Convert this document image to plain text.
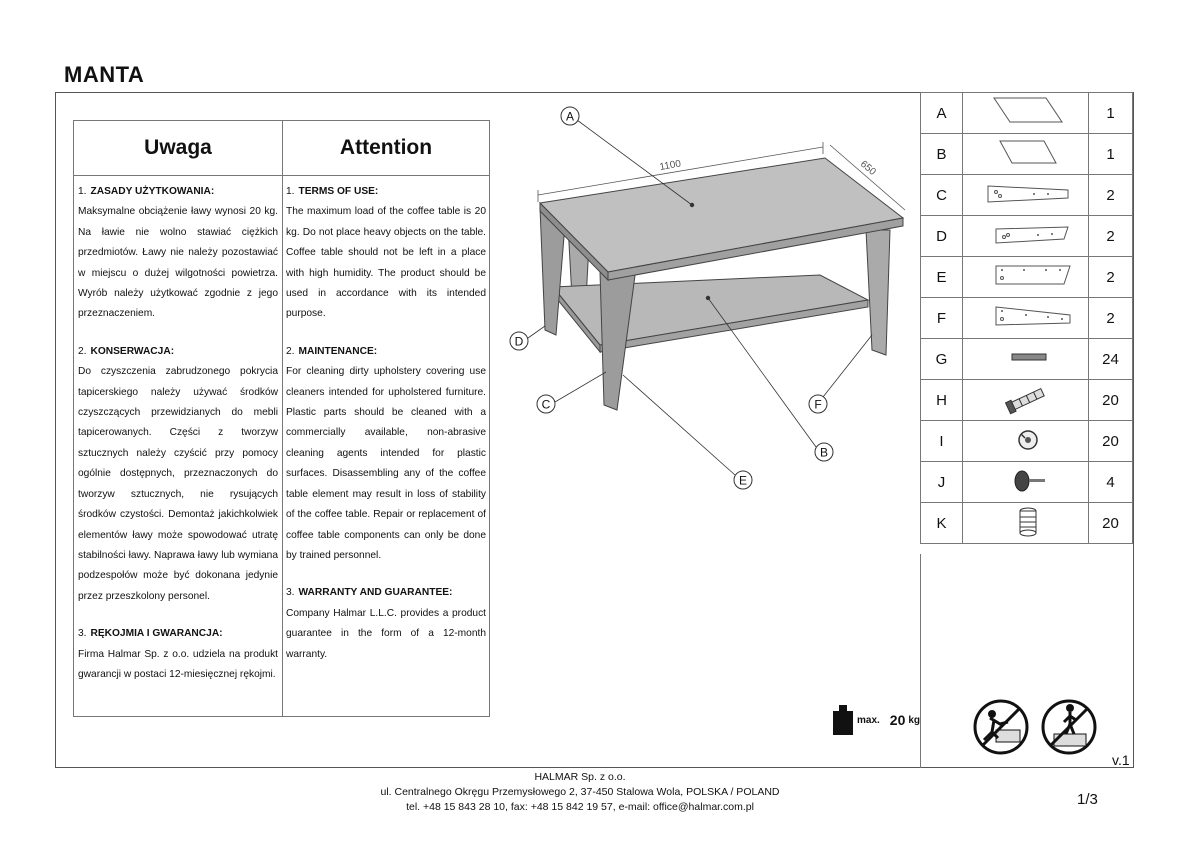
MANTA
Uwaga
1. ZASADY UŻYTKOWANIA:
Maksymalne obciążenie ławy wynosi 20 kg. Na ławie nie wolno stawiać ciężkich przedmiotów. Ławy nie należy pozostawiać w miejscu o dużej wilgotności powietrza. Wyrób należy użytkować zgodnie z jego przeznaczeniem.
2. KONSERWACJA:
Do czyszczenia zabrudzonego pokrycia tapicerskiego należy używać środków czyszczących przewidzianych do mebli tapicerowanych. Części z tworzyw sztucznych należy czyścić przy pomocy ogólnie dostępnych, przeznaczonych do tworzyw sztucznych, nie rysujących środków czystości. Demontaż jakichkolwiek elementów ławy może spowodować utratę stabilności ławy. Naprawa ławy lub wymiana podzespołów może być dokonana jedynie przez przeszkolony personel.
3. RĘKOJMIA I GWARANCJA:
Firma Halmar Sp. z o.o. udziela na produkt gwarancji w postaci 12-miesięcznej rękojmi.
Attention
1. TERMS OF USE:
The maximum load of the coffee table is 20 kg. Do not place heavy objects on the table. Coffee table should not be left in a place with high humidity. The product should be used in accordance with its intended purpose.
2. MAINTENANCE:
For cleaning dirty upholstery covering use cleaners intended for upholstered furniture. Plastic parts should be cleaned with a commercially available, non-abrasive cleaning agents intended for plastic surfaces. Disassembling any of the coffee table element may result in loss of stability of the coffee table. Repair or replacement of coffee table components can only be done by trained personnel.
3. WARRANTY AND GUARANTEE:
Company Halmar L.L.C. provides a product guarantee in the form of a 12-month warranty.
1100	650
A
D
C
E
B
F
A		1
B		1
C		2
D		2
E		2
F		2
G		24
H		20
I		20
J		4
K		20
max. 20 kg
v.1
HALMAR Sp. z o.o.
ul. Centralnego Okręgu Przemysłowego 2, 37-450 Stalowa Wola, POLSKA / POLAND
tel. +48 15 843 28 10, fax: +48 15 842 19 57, e-mail: office@halmar.com.pl	1/3
